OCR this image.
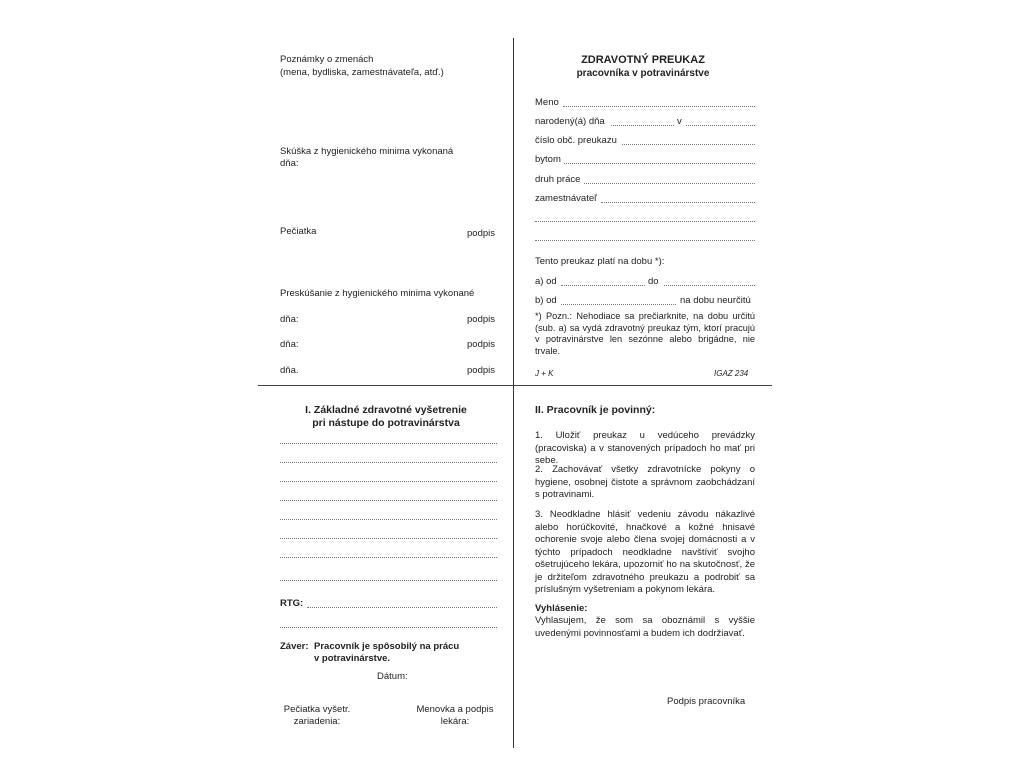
Poznámky o zmenách
(mena, bydliska, zamestnávateľa, atď.)
Skúška z hygienického minima vykonaná
dňa:
Pečiatka	podpis
Preskúšanie z hygienického minima vykonané
dňa:	podpis
dňa:	podpis
dňa.	podpis
ZDRAVOTNÝ PREUKAZ
pracovníka v potravinárstve
Meno
narodený(á) dňa	v
číslo obč. preukazu
bytom
druh práce
zamestnávateľ
Tento preukaz platí na dobu *):
a) od	do
b) od	na dobu neurčitú
*) Pozn.: Nehodiace sa prečiarknite, na dobu určitú (sub. a) sa vydá zdravotný preukaz tým, ktorí pracujú v potravinárstve len sezónne alebo brigádne, nie trvale.
J + K	IGAZ 234
I. Základné zdravotné vyšetrenie
pri nástupe do potravinárstva
RTG:
Záver: Pracovník je spôsobilý na prácu
v potravinárstve.
Dátum:
Pečiatka vyšetr.
zariadenia:
Menovka a podpis
lekára:
II. Pracovník je povinný:
1. Uložiť preukaz u vedúceho prevádzky (pracoviska) a v stanovených prípadoch ho mať pri sebe.
2. Zachovávať všetky zdravotnícke pokyny o hygiene, osobnej čistote a správnom zaobchádzaní s potravinami.
3. Neodkladne hlásiť vedeniu závodu nákazlivé alebo horúčkovité, hnačkové a kožné hnisavé ochorenie svoje alebo člena svojej domácnosti a v týchto prípadoch neodkladne navštíviť svojho ošetrujúceho lekára, upozorniť ho na skutočnosť, že je držiteľom zdravotného preukazu a podrobiť sa príslušným vyšetreniam a pokynom lekára.
Vyhlásenie:
Vyhlasujem, že som sa oboznámil s vyššie uvedenými povinnosťami a budem ich dodržiavať.
Podpis pracovníka
